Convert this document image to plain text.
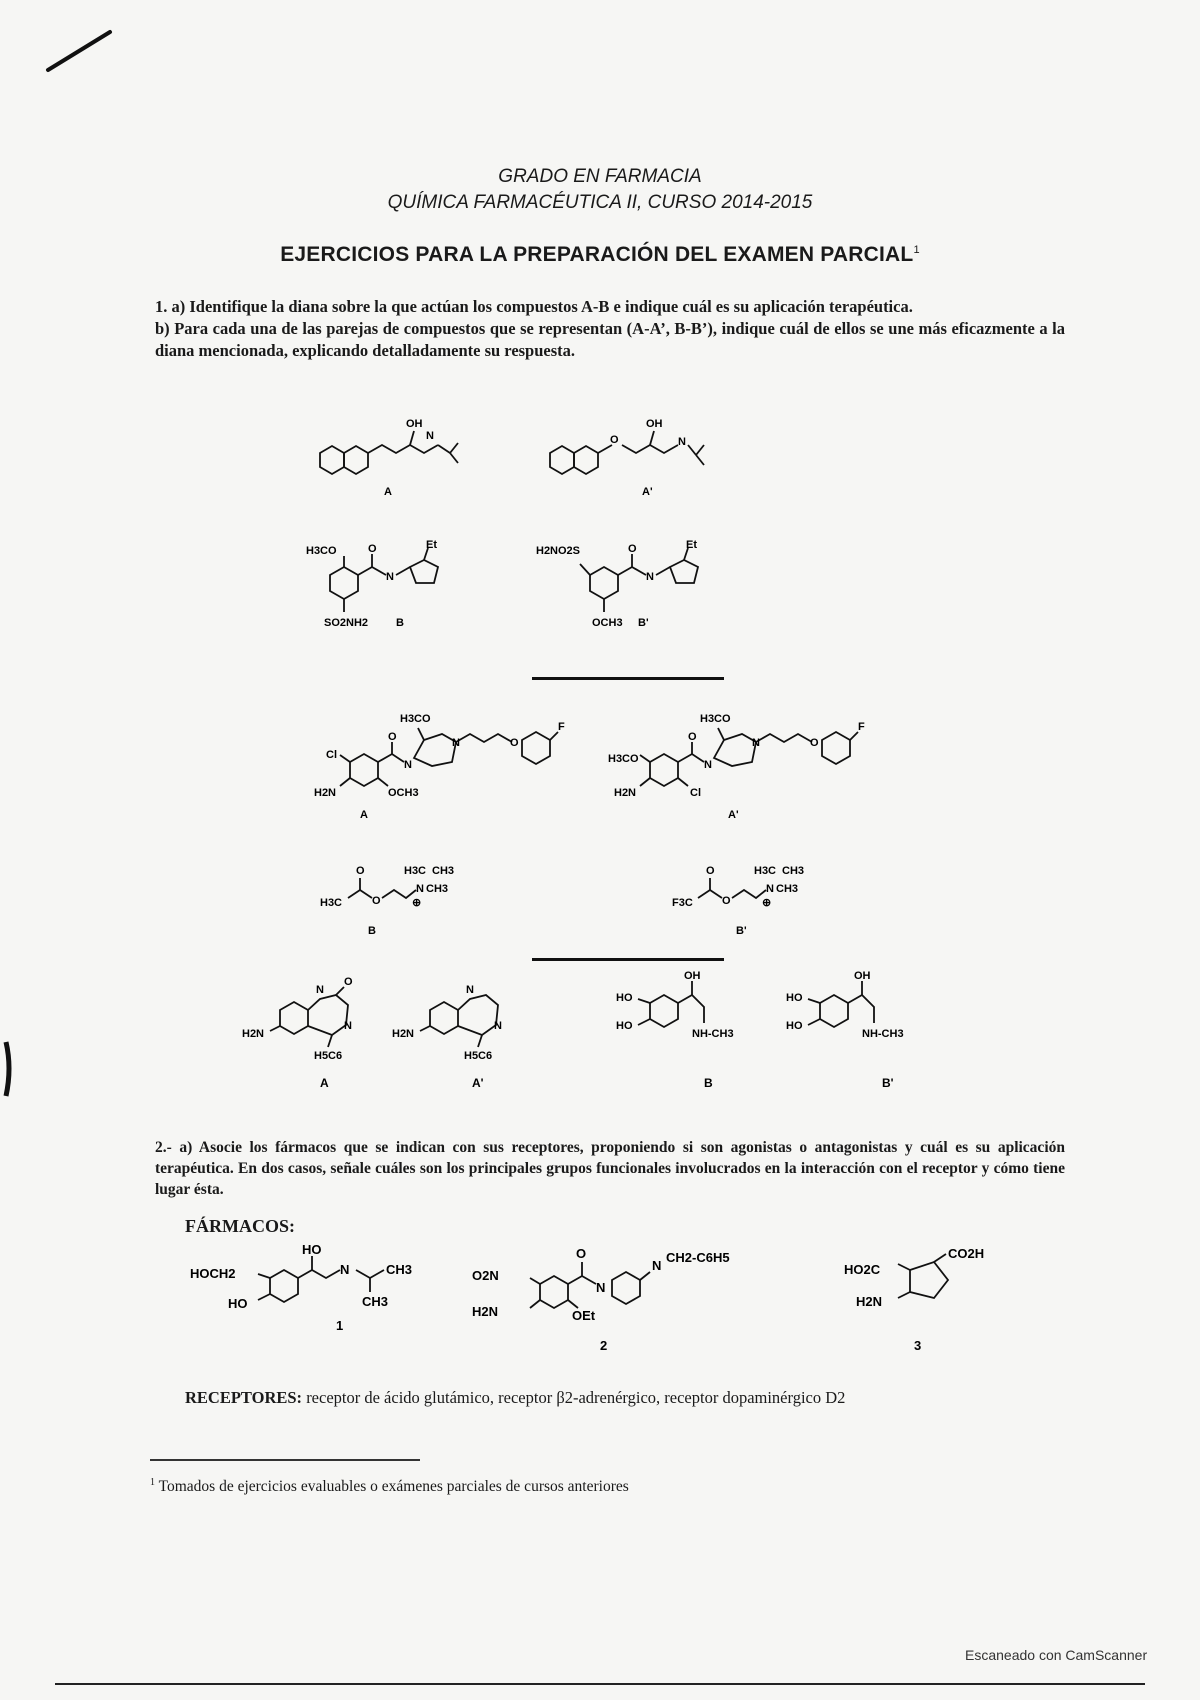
GRADO EN FARMACIA
QUÍMICA FARMACÉUTICA II, CURSO 2014-2015
EJERCICIOS PARA LA PREPARACIÓN DEL EXAMEN PARCIAL$^1$
1. a) Identifique la diana sobre la que actúan los compuestos A-B e indique cuál es su aplicación terapéutica.
b) Para cada una de las parejas de compuestos que se representan (A-A’, B-B’), indique cuál de ellos se une más eficazmente a la diana mencionada, explicando detalladamente su respuesta.
OH
N
A
O
OH
N
A'
H3CO	O
N
Et
SO2NH2	B
H2NO2S	O
N
Et
OCH3 B'
H3CO
Cl
H2N	OCH3
O
N
N	O
F
A
H3CO
H3CO
H2N	Cl
O
N
N	O
F
A'
O
H3C	O
H3C CH3
N CH3
⊕
B
O
F3C	O
H3C CH3
N CH3
⊕
B'
H2N
N
O
N
H5C6
A
H2N
N
N
H5C6
A'
HO
HO
OH
NH-CH3
B
HO
HO
OH
NH-CH3
B'
2.- a) Asocie los fármacos que se indican con sus receptores, proponiendo si son agonistas o antagonistas y cuál es su aplicación terapéutica. En dos casos, señale cuáles son los principales grupos funcionales involucrados en la interacción con el receptor y cómo tiene lugar ésta.
FÁRMACOS:
HOCH2
HO
HO
N	CH3
CH3
1
O2N
H2N	OEt
O
N
N
CH2-C6H5
2
HO2C
H2N
CO2H
3
RECEPTORES: receptor de ácido glutámico, receptor β2-adrenérgico, receptor dopaminérgico D2
$^1$ Tomados de ejercicios evaluables o exámenes parciales de cursos anteriores
Escaneado con CamScanner
